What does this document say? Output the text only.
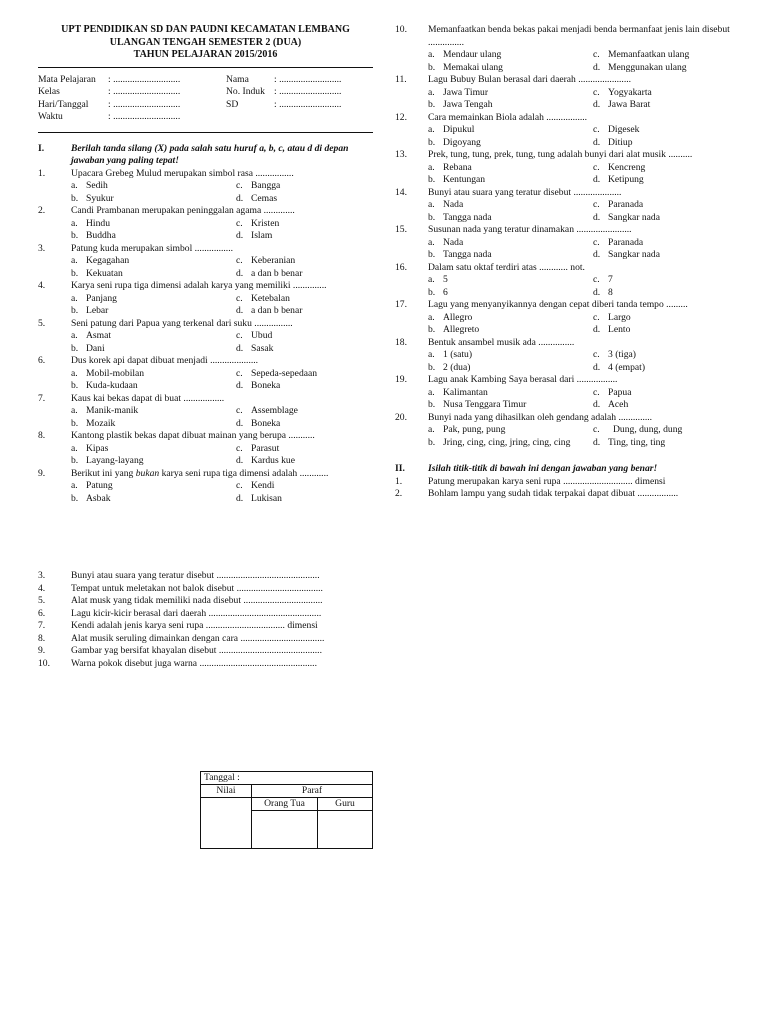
UPT PENDIDIKAN SD DAN PAUDNI KECAMATAN LEMBANG
ULANGAN TENGAH SEMESTER 2 (DUA)
TAHUN PELAJARAN 2015/2016
Mata Pelajaran	: ............................	Nama	: ..........................
Kelas	: ............................	No. Induk : ..........................
Hari/Tanggal	: ............................	SD	: ..........................
Waktu	: ............................
I.	Berilah tanda silang (X) pada salah satu huruf a, b, c, atau d di depan jawaban yang paling tepat!
1.	Upacara Grebeg Mulud merupakan simbol rasa ................
a. Sedih	c. Bangga
b. Syukur	d. Cemas
2.	Candi Prambanan merupakan peninggalan agama .............
a. Hindu	c. Kristen
b. Buddha	d. Islam
3.	Patung kuda merupakan simbol ................
a. Kegagahan	c. Keberanian
b. Kekuatan	d. a dan b benar
4.	Karya seni rupa tiga dimensi adalah karya yang memiliki ..............
a. Panjang	c. Ketebalan
b. Lebar	d. a dan b benar
5.	Seni patung dari Papua yang terkenal dari suku ................
a. Asmat	c. Ubud
b. Dani	d. Sasak
6.	Dus korek api dapat dibuat menjadi ....................
a. Mobil-mobilan	c. Sepeda-sepedaan
b. Kuda-kudaan	d. Boneka
7.	Kaus kai bekas dapat di buat .................
a. Manik-manik	c. Assemblage
b. Mozaik	d. Boneka
8.	Kantong plastik bekas dapat dibuat mainan yang berupa ...........
a. Kipas	c. Parasut
b. Layang-layang	d. Kardus kue
9.	Berikut ini yang bukan karya seni rupa tiga dimensi adalah ............
a. Patung	c. Kendi
b. Asbak	d. Lukisan
10.	Memanfaatkan benda bekas pakai menjadi benda bermanfaat jenis lain disebut ...............
a. Mendaur ulang	c. Memanfaatkan ulang
b. Memakai ulang	d. Menggunakan ulang
11.	Lagu Bubuy Bulan berasal dari daerah ......................
a. Jawa Timur	c. Yogyakarta
b. Jawa Tengah	d. Jawa Barat
12.	Cara memainkan Biola adalah .................
a. Dipukul	c. Digesek
b. Digoyang	d. Ditiup
13.	Prek, tung, tung, prek, tung, tung adalah bunyi dari alat musik ..........
a. Rebana	c. Kencreng
b. Kentungan	d. Ketipung
14.	Bunyi atau suara yang teratur disebut ....................
a. Nada	c. Paranada
b. Tangga nada	d. Sangkar nada
15.	Susunan nada yang teratur dinamakan .......................
a. Nada	c. Paranada
b. Tangga nada	d. Sangkar nada
16.	Dalam satu oktaf terdiri atas ............ not.
a. 5	c. 7
b. 6	d. 8
17.	Lagu yang menyanyikannya dengan cepat diberi tanda tempo .........
a. Allegro	c. Largo
b. Allegreto	d. Lento
18.	Bentuk ansambel musik ada ...............
a. 1 (satu)	c. 3 (tiga)
b. 2 (dua)	d. 4 (empat)
19.	Lagu anak Kambing Saya berasal dari .................
a. Kalimantan	c. Papua
b. Nusa Tenggara Timur	d. Aceh
20.	Bunyi nada yang dihasilkan oleh gendang adalah ..............
a. Pak, pung, pung	c.	Dung, dung, dung
b. Jring, cing, cing, jring, cing, cing d. Ting, ting, ting
II.	Isilah titik-titik di bawah ini dengan jawaban yang benar!
1.	Patung merupakan karya seni rupa ............................. dimensi
2.	Bohlam lampu yang sudah tidak terpakai dapat dibuat .................
3.	Bunyi atau suara yang teratur disebut ...........................................
4.	Tempat untuk meletakan not balok disebut ....................................
5.	Alat musk yang tidak memiliki nada disebut .................................
6.	Lagu kicir-kicir berasal dari daerah ...............................................
7.	Kendi adalah jenis karya seni rupa ................................. dimensi
8.	Alat musik seruling dimainkan dengan cara ...................................
9.	Gambar yag bersifat khayalan disebut ...........................................
10.	Warna pokok disebut juga warna .................................................
Tanggal :
Nilai	Paraf
Orang Tua	Guru
